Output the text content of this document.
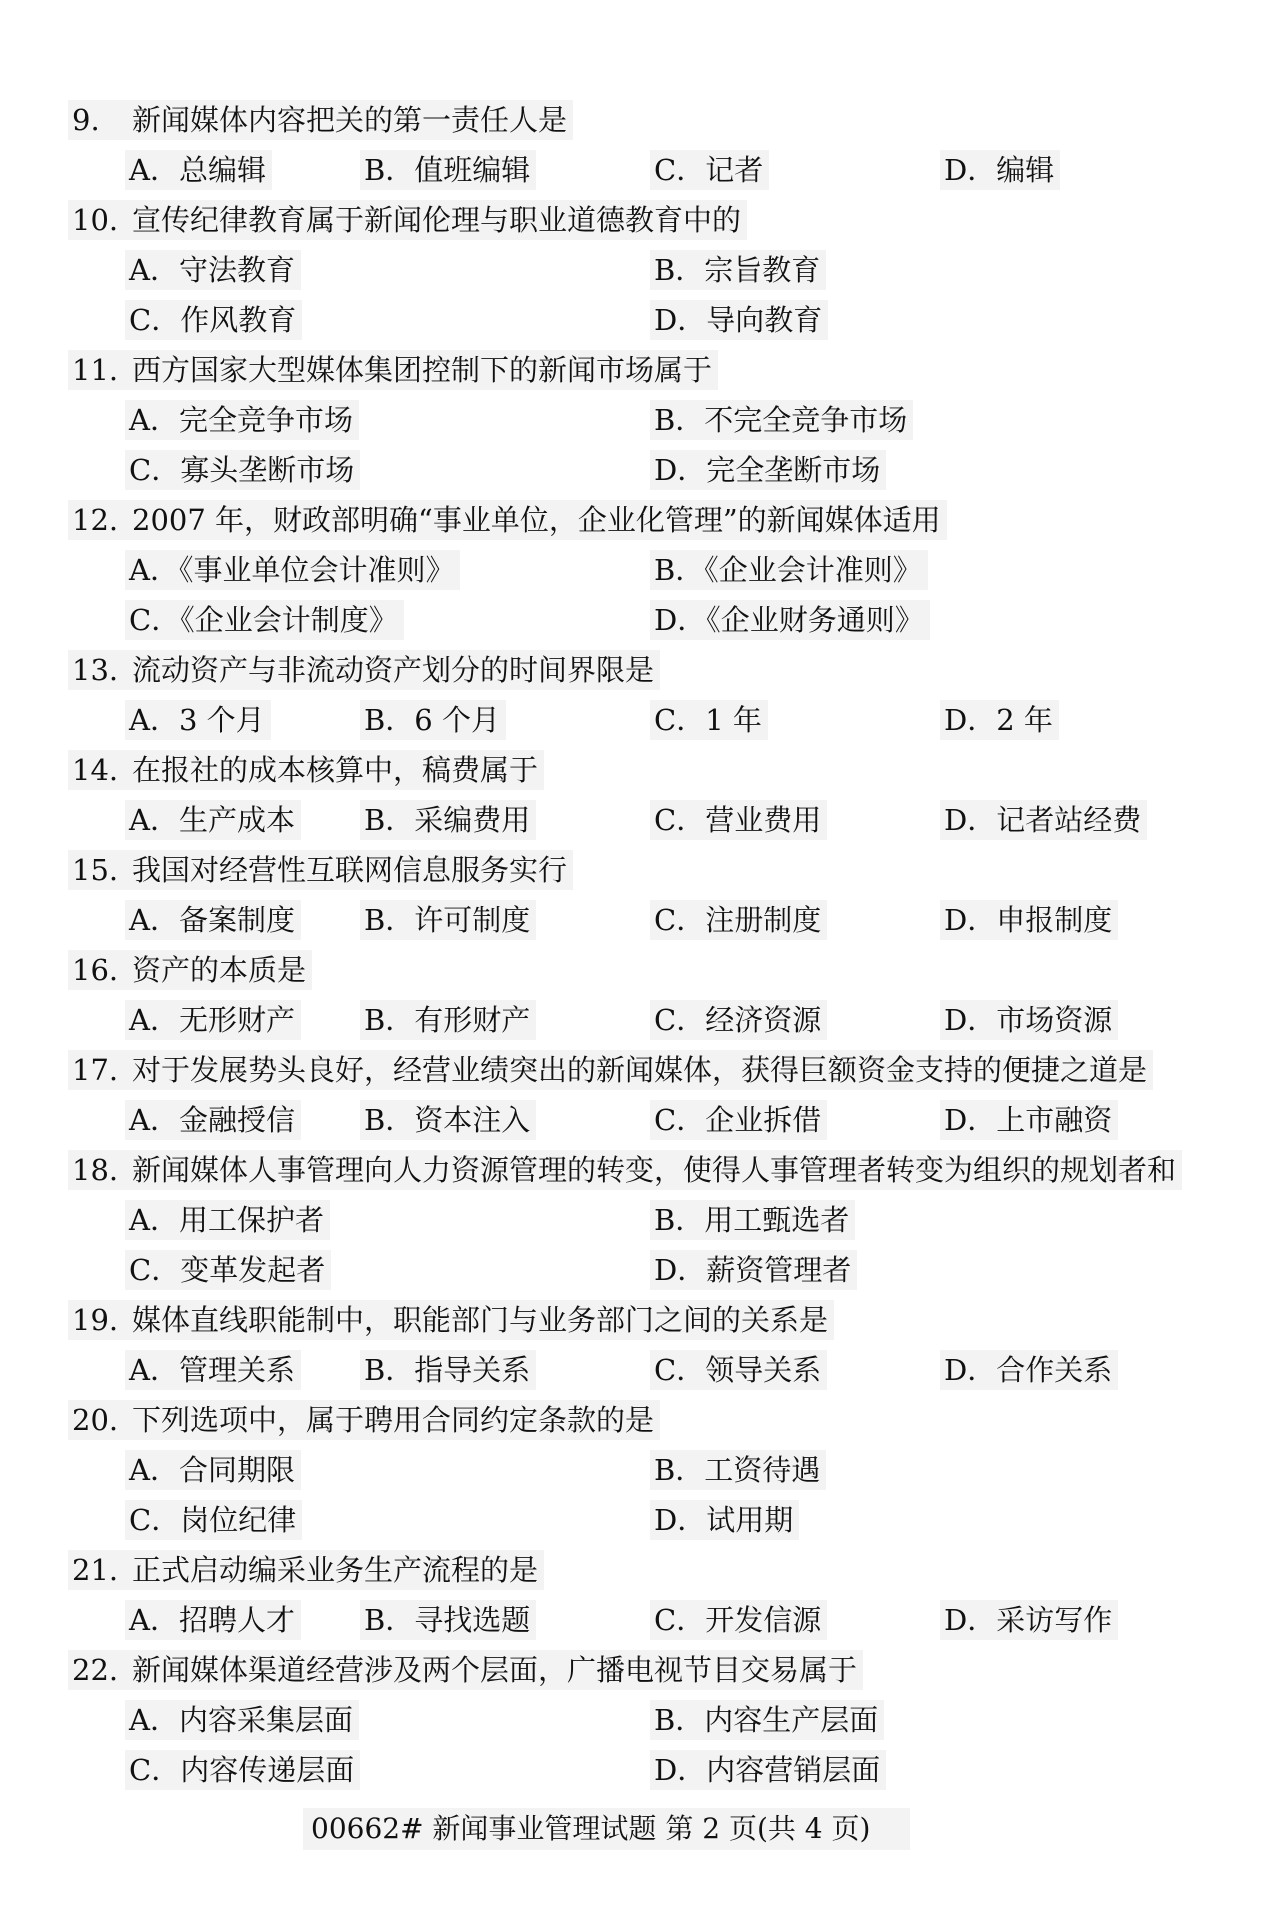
00662# 新闻事业管理试题 第 2 页(共 4 页)
9. 新闻媒体内容把关的第一责任人是
A．总编辑	B．值班编辑	C．记者	D．编辑
10. 宣传纪律教育属于新闻伦理与职业道德教育中的
A．守法教育	B．宗旨教育
C．作风教育	D．导向教育
11. 西方国家大型媒体集团控制下的新闻市场属于
A．完全竞争市场	B．不完全竞争市场
C．寡头垄断市场	D．完全垄断市场
12. 2007 年，财政部明确“事业单位，企业化管理”的新闻媒体适用
A．《事业单位会计准则》	B．《企业会计准则》
C．《企业会计制度》	D．《企业财务通则》
13. 流动资产与非流动资产划分的时间界限是
A．3 个月	B．6 个月	C．1 年	D．2 年
14. 在报社的成本核算中，稿费属于
A．生产成本 B．采编费用	C．营业费用	D．记者站经费
15. 我国对经营性互联网信息服务实行
A．备案制度 B．许可制度	C．注册制度	D．申报制度
16. 资产的本质是
A．无形财产 B．有形财产	C．经济资源	D．市场资源
17. 对于发展势头良好，经营业绩突出的新闻媒体，获得巨额资金支持的便捷之道是
A．金融授信 B．资本注入	C．企业拆借	D．上市融资
18. 新闻媒体人事管理向人力资源管理的转变，使得人事管理者转变为组织的规划者和
A．用工保护者	B．用工甄选者
C．变革发起者	D．薪资管理者
19. 媒体直线职能制中，职能部门与业务部门之间的关系是
A．管理关系 B．指导关系	C．领导关系	D．合作关系
20. 下列选项中，属于聘用合同约定条款的是
A．合同期限	B．工资待遇
C．岗位纪律	D．试用期
21. 正式启动编采业务生产流程的是
A．招聘人才 B．寻找选题	C．开发信源	D．采访写作
22. 新闻媒体渠道经营涉及两个层面，广播电视节目交易属于
A．内容采集层面	B．内容生产层面
C．内容传递层面	D．内容营销层面
